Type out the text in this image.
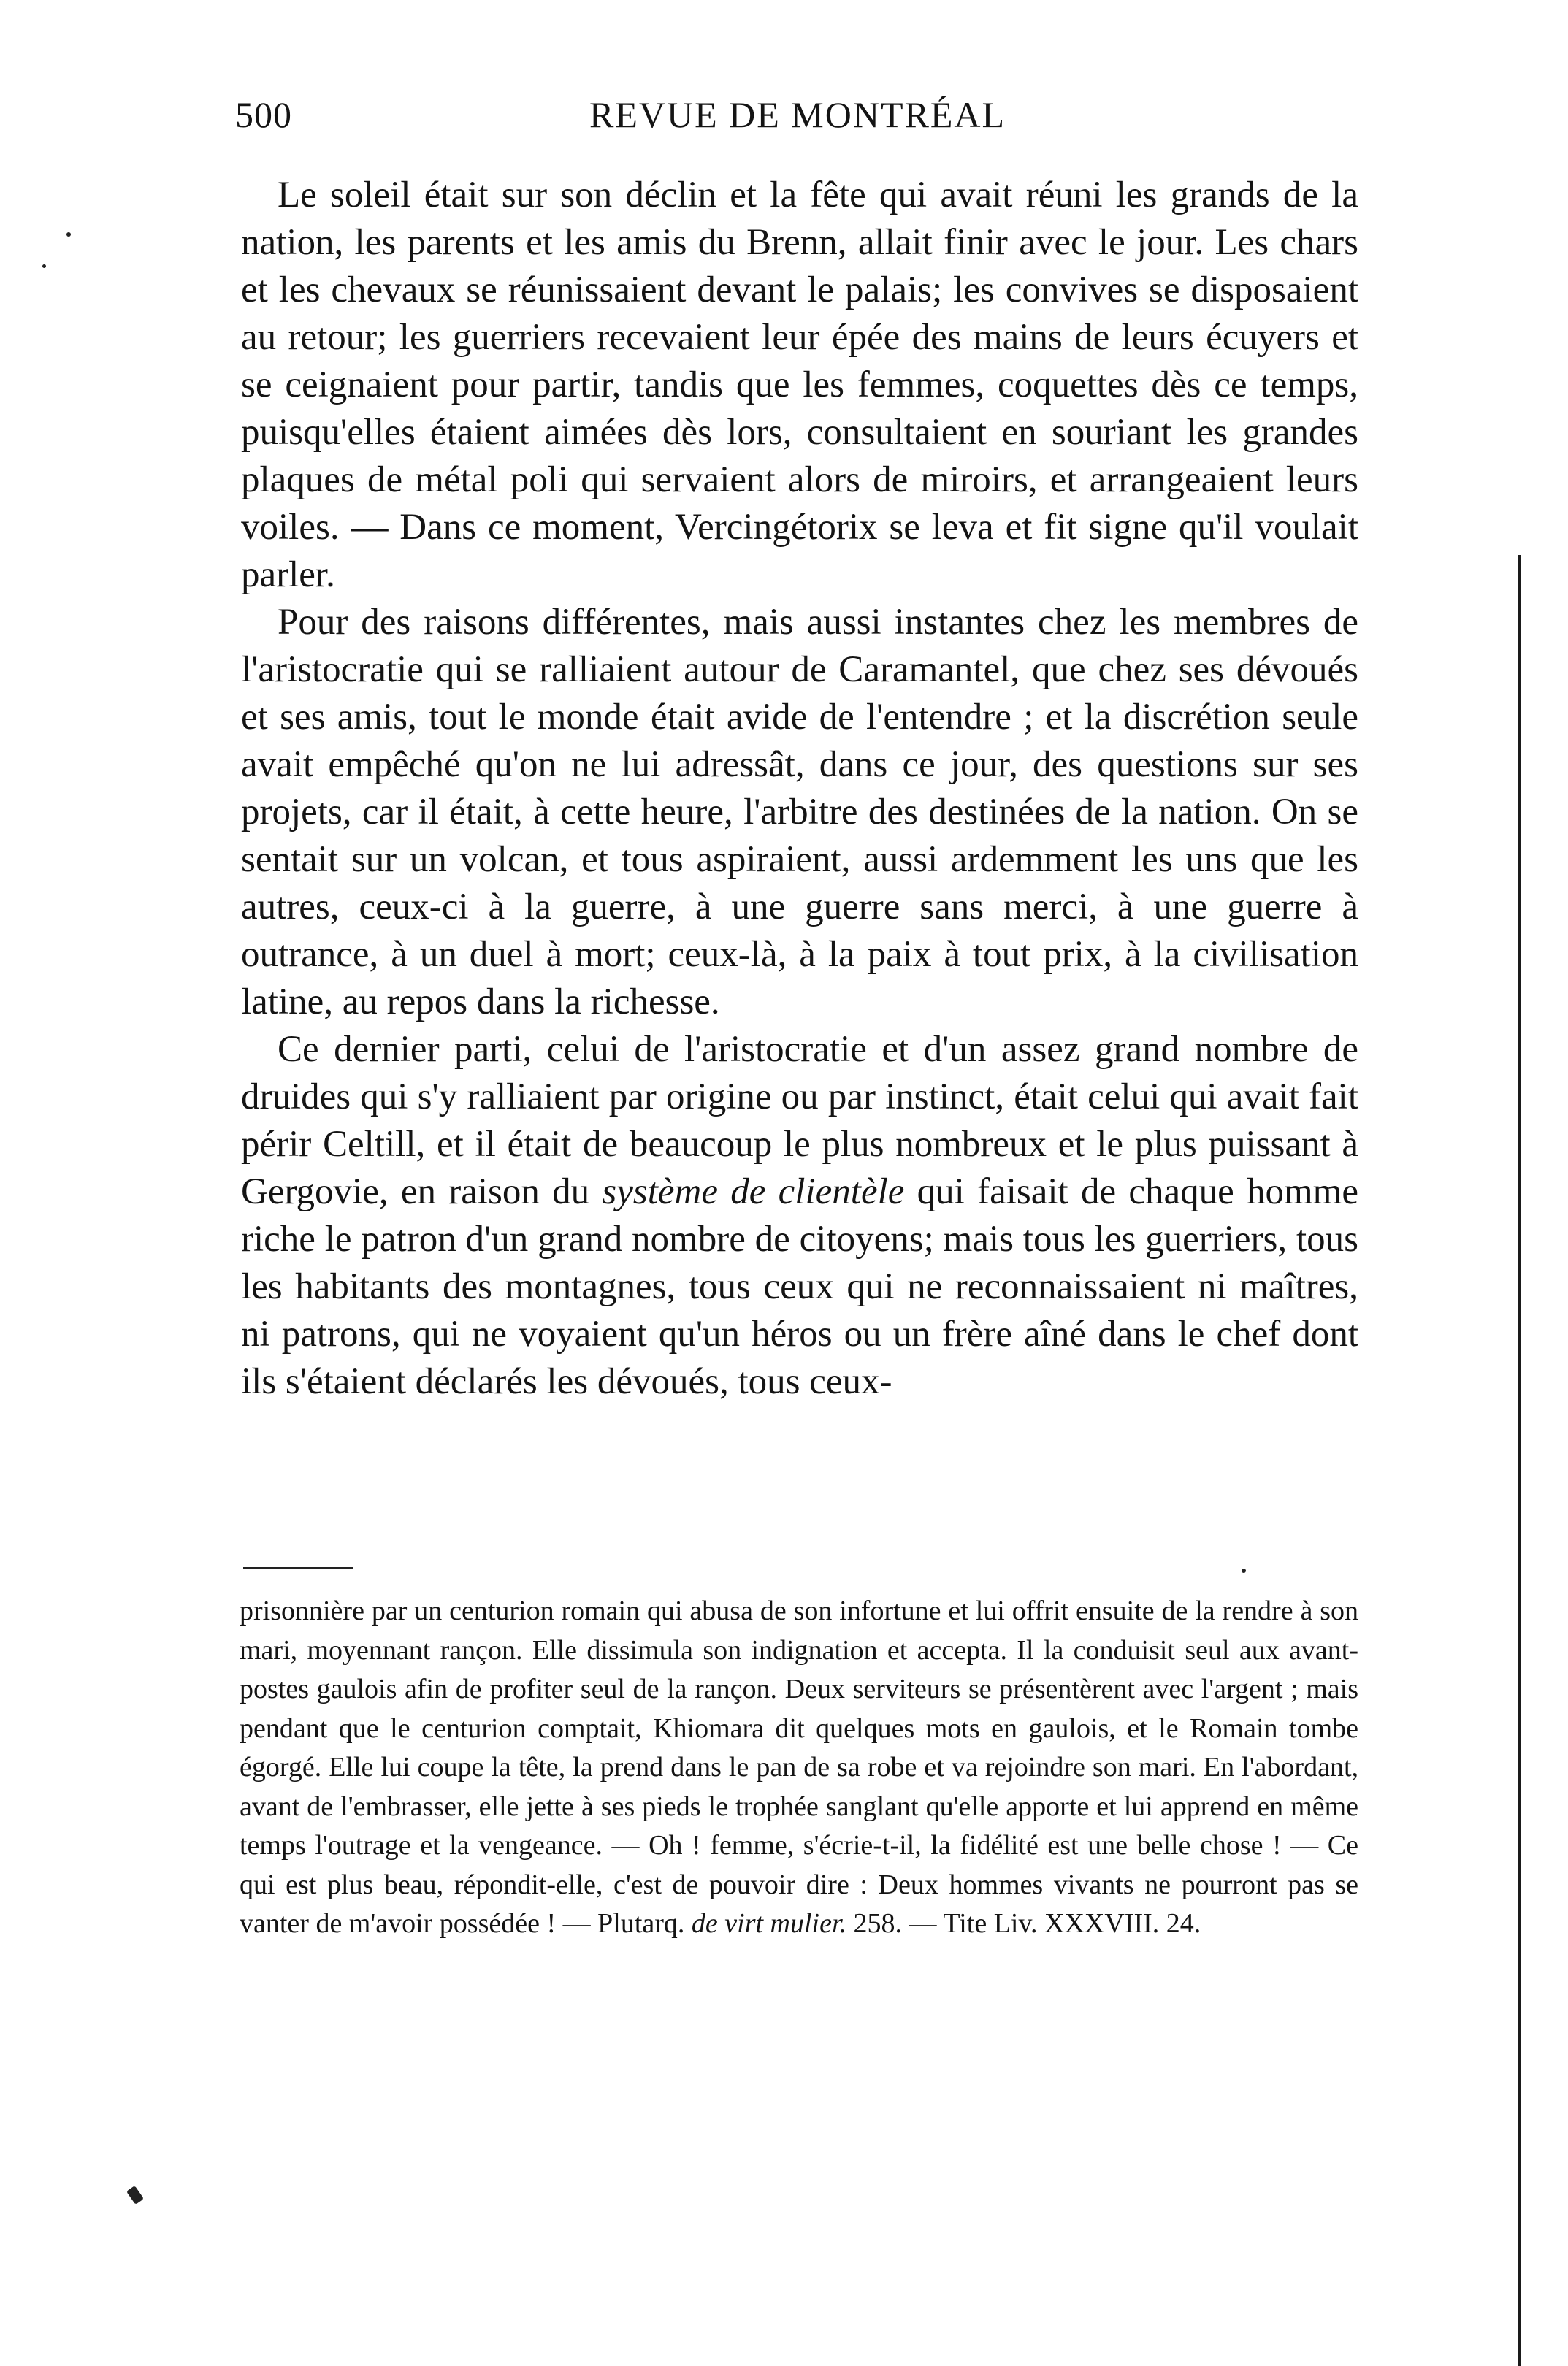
500	REVUE DE MONTRÉAL

Le soleil était sur son déclin et la fête qui avait réuni les grands de la nation, les parents et les amis du Brenn, allait finir avec le jour. Les chars et les chevaux se réunissaient devant le palais; les convives se disposaient au retour; les guerriers recevaient leur épée des mains de leurs écuyers et se ceignaient pour partir, tandis que les femmes, coquettes dès ce temps, puisqu'elles étaient aimées dès lors, consultaient en souriant les grandes plaques de métal poli qui servaient alors de miroirs, et arrangeaient leurs voiles. — Dans ce moment, Vercingétorix se leva et fit signe qu'il voulait parler.

Pour des raisons différentes, mais aussi instantes chez les membres de l'aristocratie qui se ralliaient autour de Caramantel, que chez ses dévoués et ses amis, tout le monde était avide de l'entendre ; et la discrétion seule avait empêché qu'on ne lui adressât, dans ce jour, des questions sur ses projets, car il était, à cette heure, l'arbitre des destinées de la nation. On se sentait sur un volcan, et tous aspiraient, aussi ardemment les uns que les autres, ceux-ci à la guerre, à une guerre sans merci, à une guerre à outrance, à un duel à mort; ceux-là, à la paix à tout prix, à la civilisation latine, au repos dans la richesse.

Ce dernier parti, celui de l'aristocratie et d'un assez grand nombre de druides qui s'y ralliaient par origine ou par instinct, était celui qui avait fait périr Celtill, et il était de beaucoup le plus nombreux et le plus puissant à Gergovie, en raison du système de clientèle qui faisait de chaque homme riche le patron d'un grand nombre de citoyens; mais tous les guerriers, tous les habitants des montagnes, tous ceux qui ne reconnaissaient ni maîtres, ni patrons, qui ne voyaient qu'un héros ou un frère aîné dans le chef dont ils s'étaient déclarés les dévoués, tous ceux-

prisonnière par un centurion romain qui abusa de son infortune et lui offrit ensuite de la rendre à son mari, moyennant rançon. Elle dissimula son indignation et accepta. Il la conduisit seul aux avant-postes gaulois afin de profiter seul de la rançon. Deux serviteurs se présentèrent avec l'argent ; mais pendant que le centurion comptait, Khiomara dit quelques mots en gaulois, et le Romain tombe égorgé. Elle lui coupe la tête, la prend dans le pan de sa robe et va rejoindre son mari. En l'abordant, avant de l'embrasser, elle jette à ses pieds le trophée sanglant qu'elle apporte et lui apprend en même temps l'outrage et la vengeance. — Oh ! femme, s'écrie-t-il, la fidélité est une belle chose ! — Ce qui est plus beau, répondit-elle, c'est de pouvoir dire : Deux hommes vivants ne pourront pas se vanter de m'avoir possédée ! — Plutarq. de virt mulier. 258. — Tite Liv. XXXVIII. 24.
